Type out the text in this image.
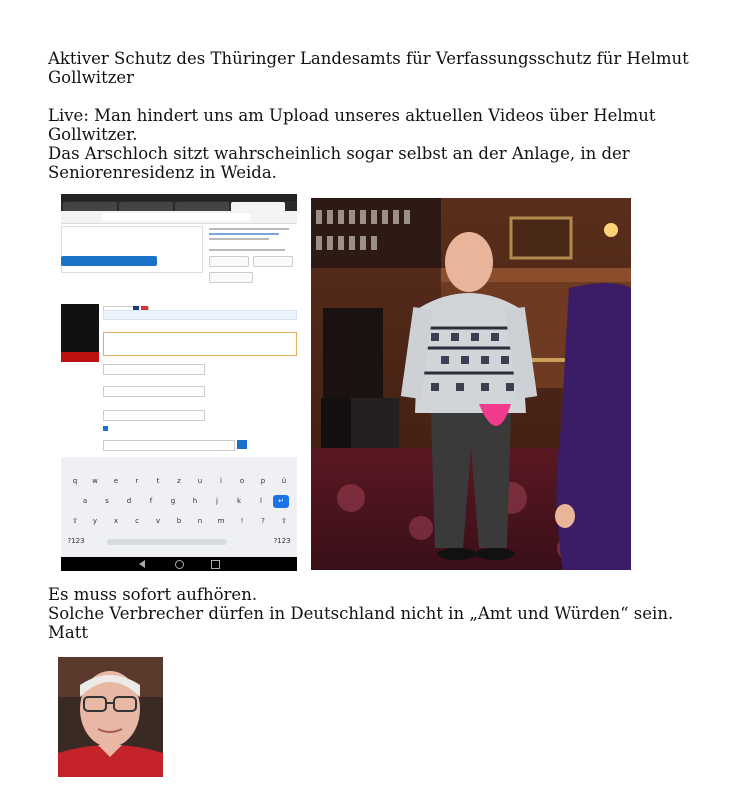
Aktiver Schutz des Thüringer Landesamts für Verfassungsschutz für Helmut Gollwitzer
Live: Man hindert uns am Upload unseres aktuellen Videos über Helmut Gollwitzer.
Das Arschloch sitzt wahrscheinlich sogar selbst an der Anlage, in der Seniorenresidenz in Weida.
q	w	e	r	t	z	u	i	o	p	ü
a	s	d	f	g	h	j	k	l	↵
⇧	y	x	c	v	b	n	m	!	?	⇧
?123	?123
Es muss sofort aufhören.
Solche Verbrecher dürfen in Deutschland nicht in „Amt und Würden“ sein.
Matt
